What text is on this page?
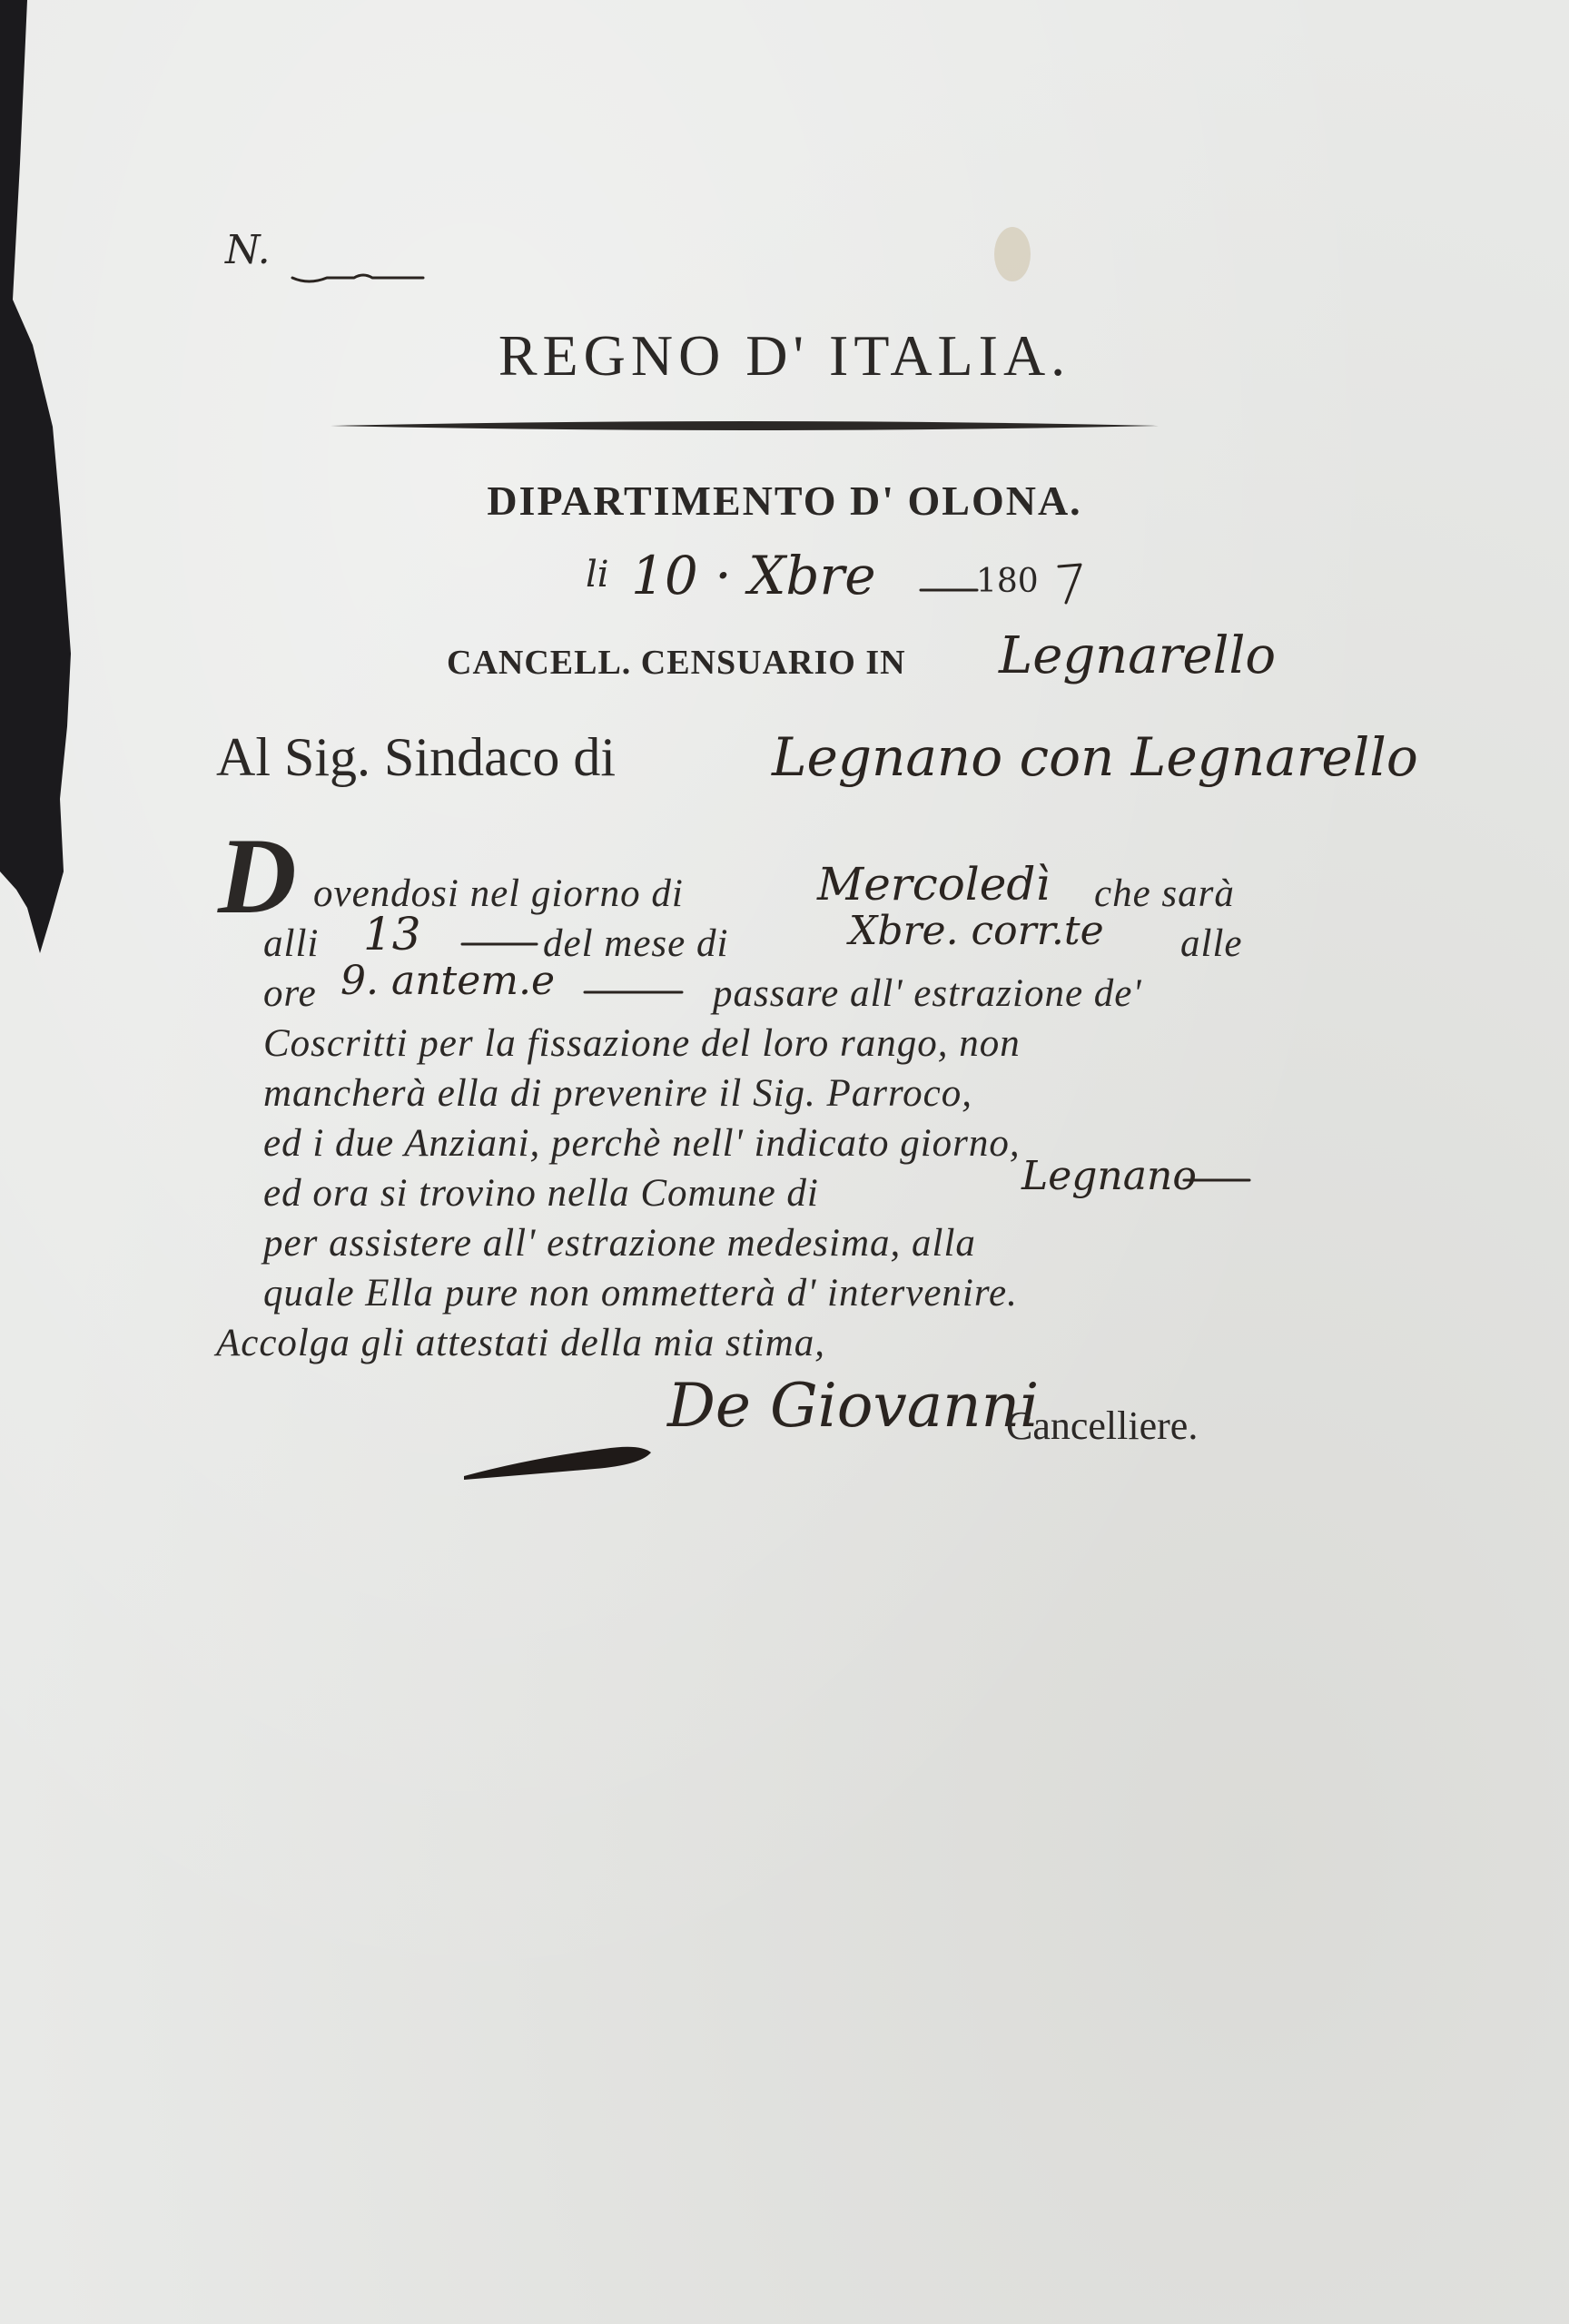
N.
REGNO D' ITALIA.
DIPARTIMENTO D' OLONA.
li 10 · Xbre	180
CANCELL. CENSUARIO IN Legnarello
Al Sig. Sindaco di	Legnano con Legnarello
D ovendosi nel giorno di	Mercoledì che sarà
alli 13	del mese di	Xbre. corr.te alle
ore 9. antem.e	passare all' estrazione de'
Coscritti per la fissazione del loro rango, non
mancherà ella di prevenire il Sig. Parroco,
ed i due Anziani, perchè nell' indicato giorno,
ed ora si trovino nella Comune di	Legnano
per assistere all' estrazione medesima, alla
quale Ella pure non ommetterà d' intervenire.
Accolga gli attestati della mia stima,
De Giovanni
Cancelliere.
